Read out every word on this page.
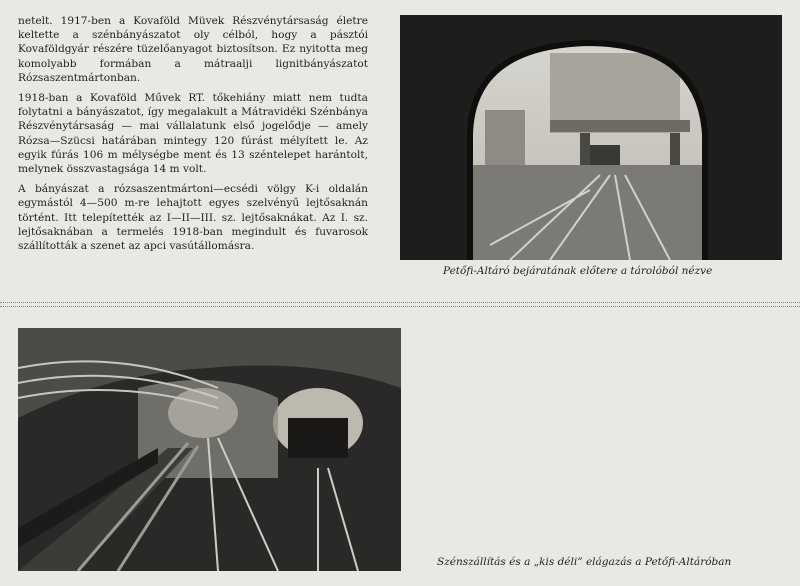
netelt. 1917-ben a Kovaföld Müvek Részvénytársaság életre keltette a szénbányászatot oly célból, hogy a pásztói Kovaföldgyár részére tüzelőanyagot biztosítson. Ez nyitotta meg komolyabb formában a mátraalji lignitbányászatot Rózsaszentmártonban.

1918-ban a Kovaföld Művek RT. tőkehiány miatt nem tudta folytatni a bányászatot, így megalakult a Mátravidéki Szénbánya Részvénytársaság — mai vállalatunk első jogelődje — amely Rózsa—Szücsi határában mintegy 120 fúrást mélyített le. Az egyik fúrás 106 m mélységbe ment és 13 széntelepet harántolt, melynek összvastagsága 14 m volt.

A bányászat a rózsaszentmártoni—ecsédi völgy K-i oldalán egymástól 4—500 m-re lehajtott egyes szelvényű lejtősaknán történt. Itt telepítették az I—II—III. sz. lejtősaknákat. Az I. sz. lejtősaknában a termelés 1918-ban megindult és fuvarosok szállították a szenet az apci vasútállomásra.

Petőfi-Altáró bejáratának előtere a tárolóból nézve
Szénszállítás és a „kis déli” elágazás a Petőfi-Altáróban
